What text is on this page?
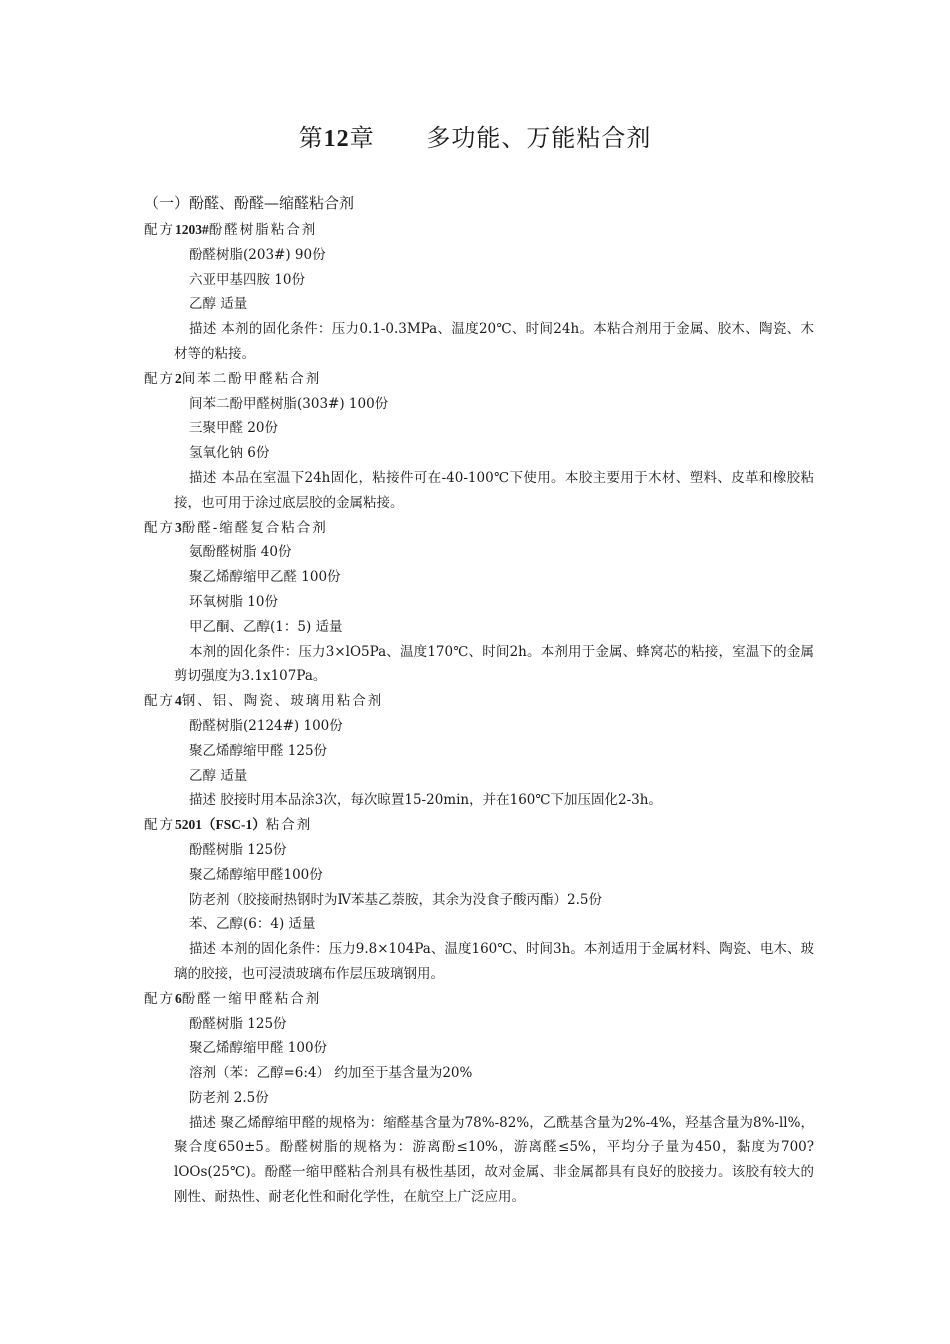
第12章 多功能、万能粘合剂
（一）酚醛、酚醛—缩醛粘合剂
配方1203#酚醛树脂粘合剂
酚醛树脂(203#) 90份
六亚甲基四胺 10份
乙醇 适量
描述 本剂的固化条件：压力0.1-0.3MPa、温度20℃、时间24h。本粘合剂用于金属、胶木、陶瓷、木材等的粘接。
配方2间苯二酚甲醛粘合剂
间苯二酚甲醛树脂(303#) 100份
三聚甲醛 20份
氢氧化钠 6份
描述 本品在室温下24h固化，粘接件可在-40-100℃下使用。本胶主要用于木材、塑料、皮革和橡胶粘接，也可用于涂过底层胶的金属粘接。
配方3酚醛-缩醛复合粘合剂
氨酚醛树脂 40份
聚乙烯醇缩甲乙醛 100份
环氧树脂 10份
甲乙酮、乙醇(1：5) 适量
本剂的固化条件：压力3×lO5Pa、温度170℃、时间2h。本剂用于金属、蜂窝芯的粘接，室温下的金属剪切强度为3.1x107Pa。
配方4钢、铝、陶瓷、玻璃用粘合剂
酚醛树脂(2124#) 100份
聚乙烯醇缩甲醛 125份
乙醇 适量
描述 胶接时用本品涂3次，每次晾置15-20min，并在160℃下加压固化2-3h。
配方5201（FSC-1）粘合剂
酚醛树脂 125份
聚乙烯醇缩甲醛100份
防老剂（胶接耐热钢时为Ⅳ苯基乙萘胺，其余为没食子酸丙酯）2.5份
苯、乙醇(6：4) 适量
描述 本剂的固化条件：压力9.8×104Pa、温度160℃、时间3h。本剂适用于金属材料、陶瓷、电木、玻璃的胶接，也可浸渍玻璃布作层压玻璃钢用。
配方6酚醛一缩甲醛粘合剂
酚醛树脂 125份
聚乙烯醇缩甲醛 100份
溶剂（苯：乙醇=6:4） 约加至于基含量为20%
防老剂 2.5份
描述 聚乙烯醇缩甲醛的规格为：缩醛基含量为78%-82%，乙酰基含量为2%-4%，羟基含量为8%-ll%，聚合度650±5。酚醛树脂的规格为：游离酚≤10%，游离醛≤5%，平均分子量为450，黏度为700?lOOs(25℃)。酚醛一缩甲醛粘合剂具有极性基团，故对金属、非金属都具有良好的胶接力。该胶有较大的刚性、耐热性、耐老化性和耐化学性，在航空上广泛应用。
